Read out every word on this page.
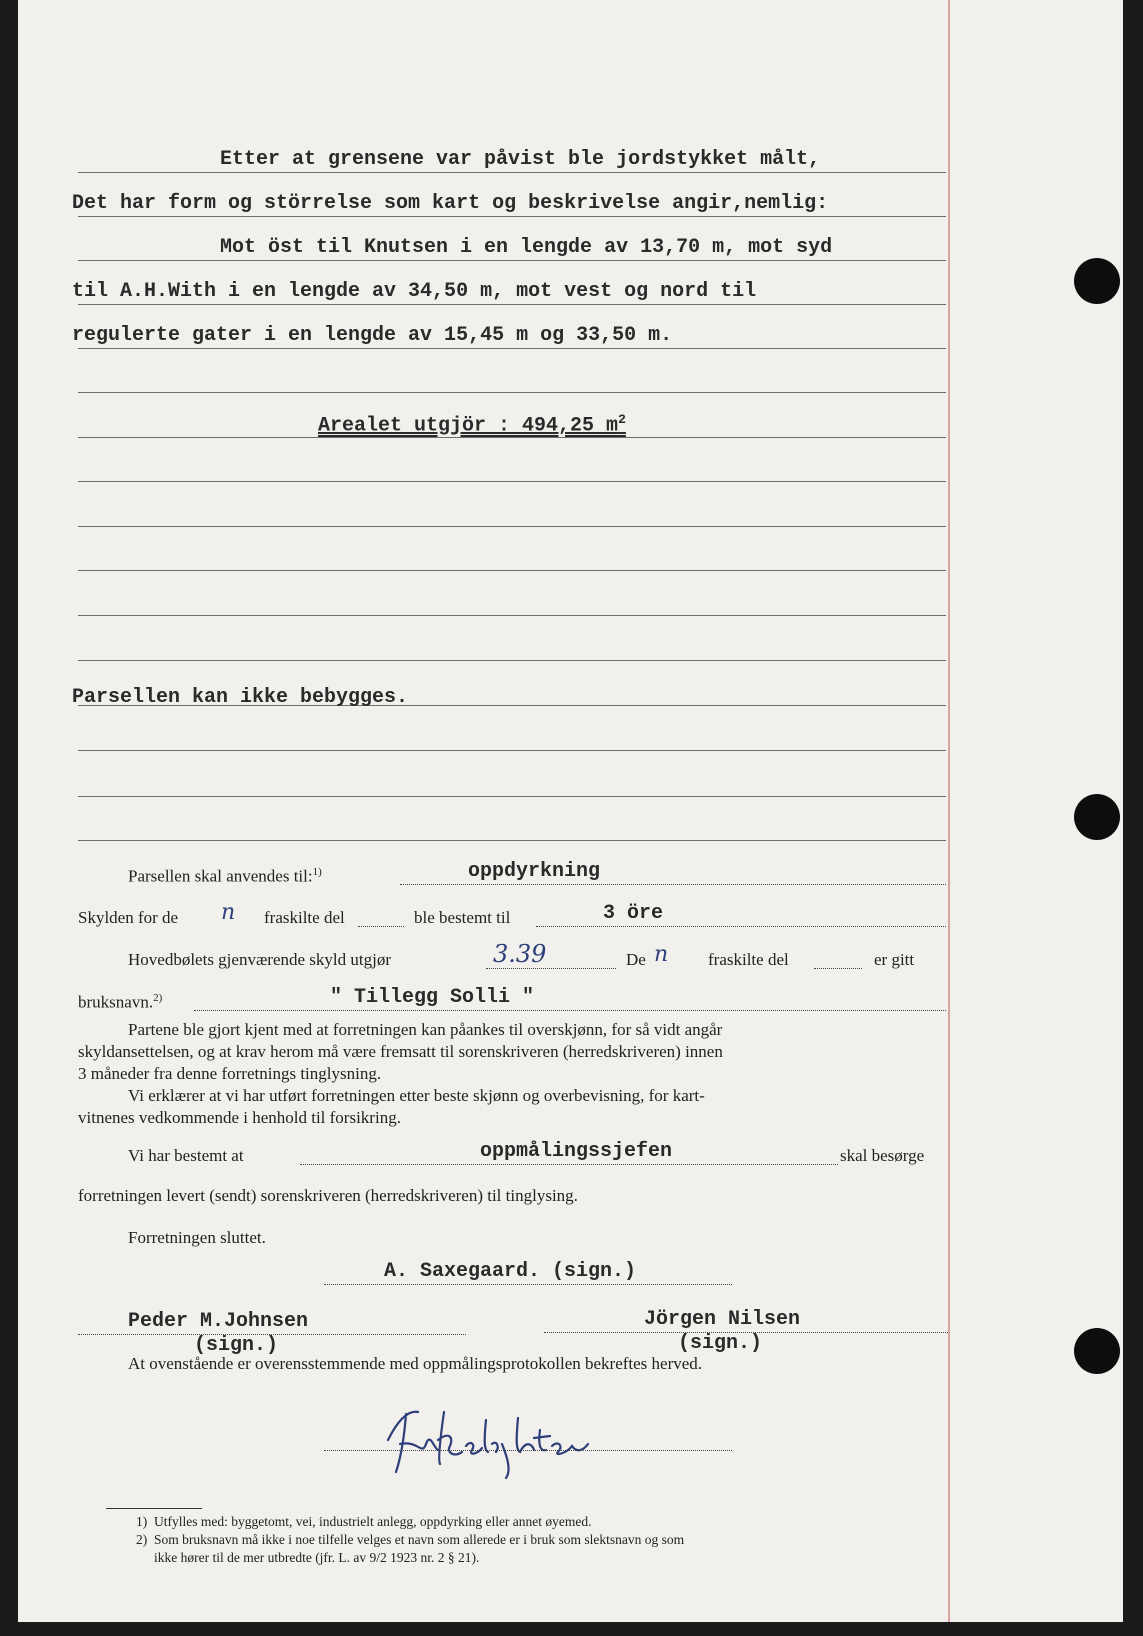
Etter at grensene var påvist ble jordstykket målt,
Det har form og störrelse som kart og beskrivelse angir,nemlig:
Mot öst til Knutsen i en lengde av 13,70 m, mot syd
til A.H.With i en lengde av 34,50 m, mot vest og nord til
regulerte gater i en lengde av 15,45 m og 33,50 m.
Arealet utgjör : 494,25 $m^2$
Parsellen kan ikke bebygges.
Parsellen skal anvendes til:$^{1)}$	oppdyrkning
Skylden for de n fraskilte del	ble bestemt til	3 öre
Hovedbølets gjenværende skyld utgjør	3.39	De n fraskilte del	er gitt
bruksnavn.$^{2)}$	" Tillegg Solli "
Partene ble gjort kjent med at forretningen kan påankes til overskjønn, for så vidt angår
skyldansettelsen, og at krav herom må være fremsatt til sorenskriveren (herredskriveren) innen
3 måneder fra denne forretnings tinglysning.
Vi erklærer at vi har utført forretningen etter beste skjønn og overbevisning, for kart-
vitnenes vedkommende i henhold til forsikring.
Vi har bestemt at	oppmålingssjefen	skal besørge
forretningen levert (sendt) sorenskriveren (herredskriveren) til tinglysing.
Forretningen sluttet.
A. Saxegaard. (sign.)
Peder M.Johnsen
(sign.)
Jörgen Nilsen
(sign.)
At ovenstående er overensstemmende med oppmålingsprotokollen bekreftes herved.
1) Utfylles med: byggetomt, vei, industrielt anlegg, oppdyrking eller annet øyemed.
2) Som bruksnavn må ikke i noe tilfelle velges et navn som allerede er i bruk som slektsnavn og som
ikke hører til de mer utbredte (jfr. L. av 9/2 1923 nr. 2 § 21).
